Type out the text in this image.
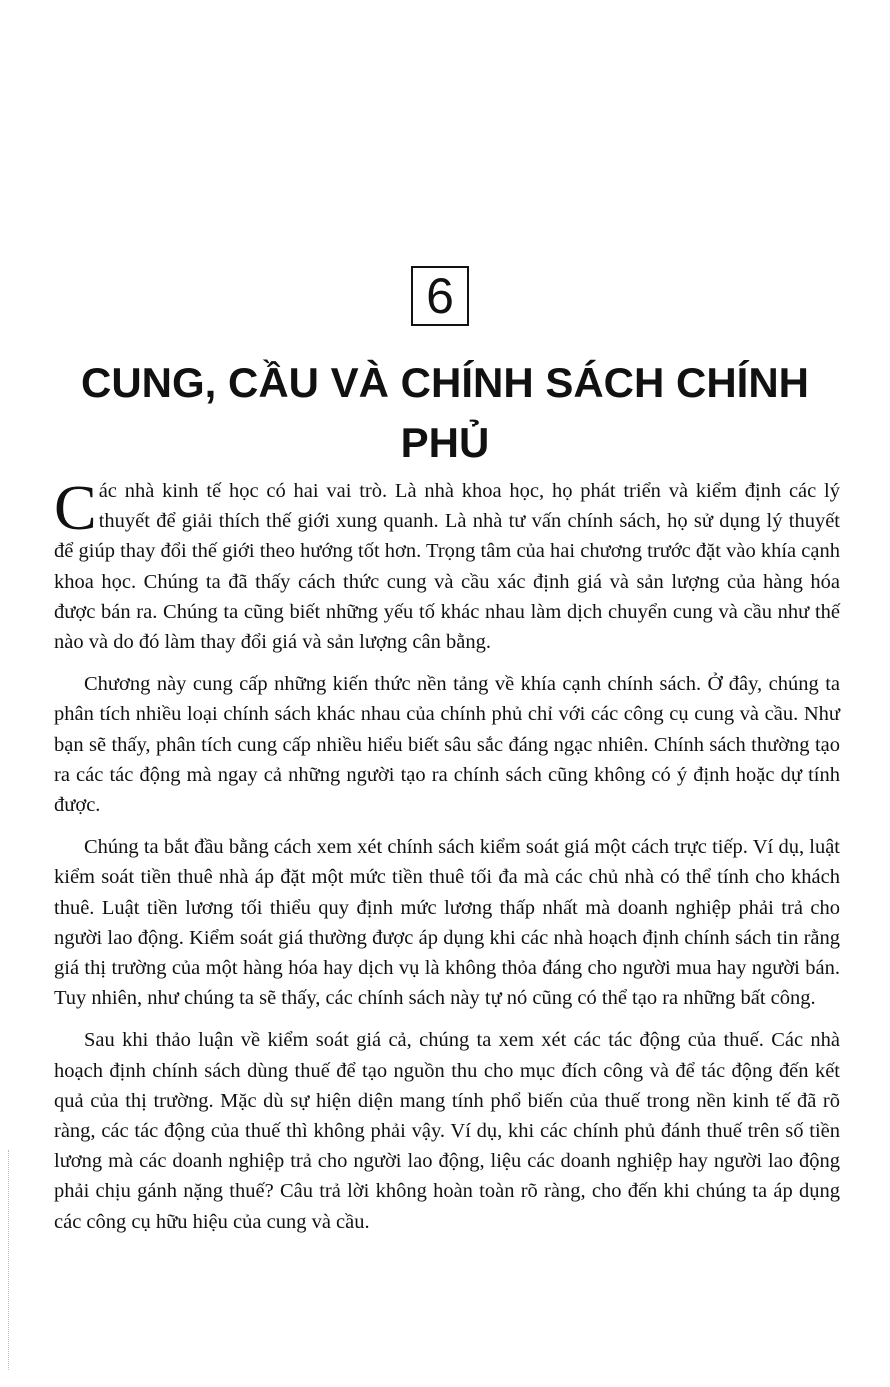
6
CUNG, CẦU VÀ CHÍNH SÁCH CHÍNH PHỦ

Các nhà kinh tế học có hai vai trò. Là nhà khoa học, họ phát triển và kiểm định các lý thuyết để giải thích thế giới xung quanh. Là nhà tư vấn chính sách, họ sử dụng lý thuyết để giúp thay đổi thế giới theo hướng tốt hơn. Trọng tâm của hai chương trước đặt vào khía cạnh khoa học. Chúng ta đã thấy cách thức cung và cầu xác định giá và sản lượng của hàng hóa được bán ra. Chúng ta cũng biết những yếu tố khác nhau làm dịch chuyển cung và cầu như thế nào và do đó làm thay đổi giá và sản lượng cân bằng.

Chương này cung cấp những kiến thức nền tảng về khía cạnh chính sách. Ở đây, chúng ta phân tích nhiều loại chính sách khác nhau của chính phủ chỉ với các công cụ cung và cầu. Như bạn sẽ thấy, phân tích cung cấp nhiều hiểu biết sâu sắc đáng ngạc nhiên. Chính sách thường tạo ra các tác động mà ngay cả những người tạo ra chính sách cũng không có ý định hoặc dự tính được.

Chúng ta bắt đầu bằng cách xem xét chính sách kiểm soát giá một cách trực tiếp. Ví dụ, luật kiểm soát tiền thuê nhà áp đặt một mức tiền thuê tối đa mà các chủ nhà có thể tính cho khách thuê. Luật tiền lương tối thiểu quy định mức lương thấp nhất mà doanh nghiệp phải trả cho người lao động. Kiểm soát giá thường được áp dụng khi các nhà hoạch định chính sách tin rằng giá thị trường của một hàng hóa hay dịch vụ là không thỏa đáng cho người mua hay người bán. Tuy nhiên, như chúng ta sẽ thấy, các chính sách này tự nó cũng có thể tạo ra những bất công.

Sau khi thảo luận về kiểm soát giá cả, chúng ta xem xét các tác động của thuế. Các nhà hoạch định chính sách dùng thuế để tạo nguồn thu cho mục đích công và để tác động đến kết quả của thị trường. Mặc dù sự hiện diện mang tính phổ biến của thuế trong nền kinh tế đã rõ ràng, các tác động của thuế thì không phải vậy. Ví dụ, khi các chính phủ đánh thuế trên số tiền lương mà các doanh nghiệp trả cho người lao động, liệu các doanh nghiệp hay người lao động phải chịu gánh nặng thuế? Câu trả lời không hoàn toàn rõ ràng, cho đến khi chúng ta áp dụng các công cụ hữu hiệu của cung và cầu.
